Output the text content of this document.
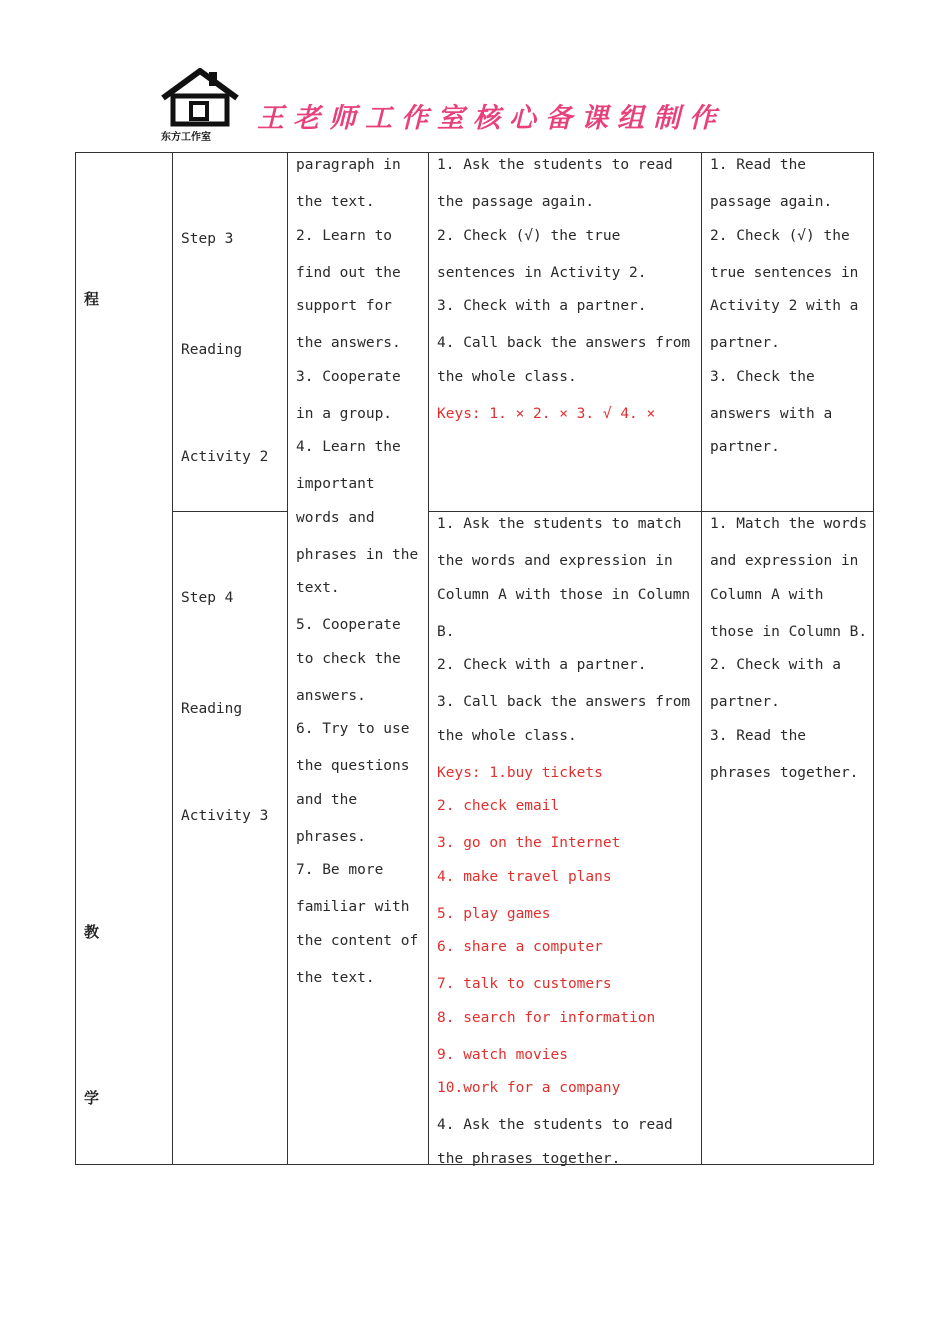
东方工作室
王老师工作室核心备课组制作
程
教
学

Step 3

Reading

Activity 2

Step 4

Reading

Activity 3

paragraph in
the text.
2. Learn to
find out the
support for
the answers.
3. Cooperate
in a group.
4. Learn the
important
words and
phrases in the
text.
5. Cooperate
to check the
answers.
6. Try to use
the questions
and the
phrases.
7. Be more
familiar with
the content of
the text.
1. Ask the students to read
the passage again.
2. Check (√) the true
sentences in Activity 2.
3. Check with a partner.
4. Call back the answers from
the whole class.
Keys: 1. × 2. × 3. √ 4. ×
1. Read the
passage again.
2. Check (√) the
true sentences in
Activity 2 with a
partner.
3. Check the
answers with a
partner.
1. Ask the students to match
the words and expression in
Column A with those in Column
B.
2. Check with a partner.
3. Call back the answers from
the whole class.
Keys: 1.buy tickets
2. check email
3. go on the Internet
4. make travel plans
5. play games
6. share a computer
7. talk to customers
8. search for information
9. watch movies
10.work for a company
4. Ask the students to read
the phrases together.
1. Match the words
and expression in
Column A with
those in Column B.
2. Check with a
partner.
3. Read the
phrases together.
